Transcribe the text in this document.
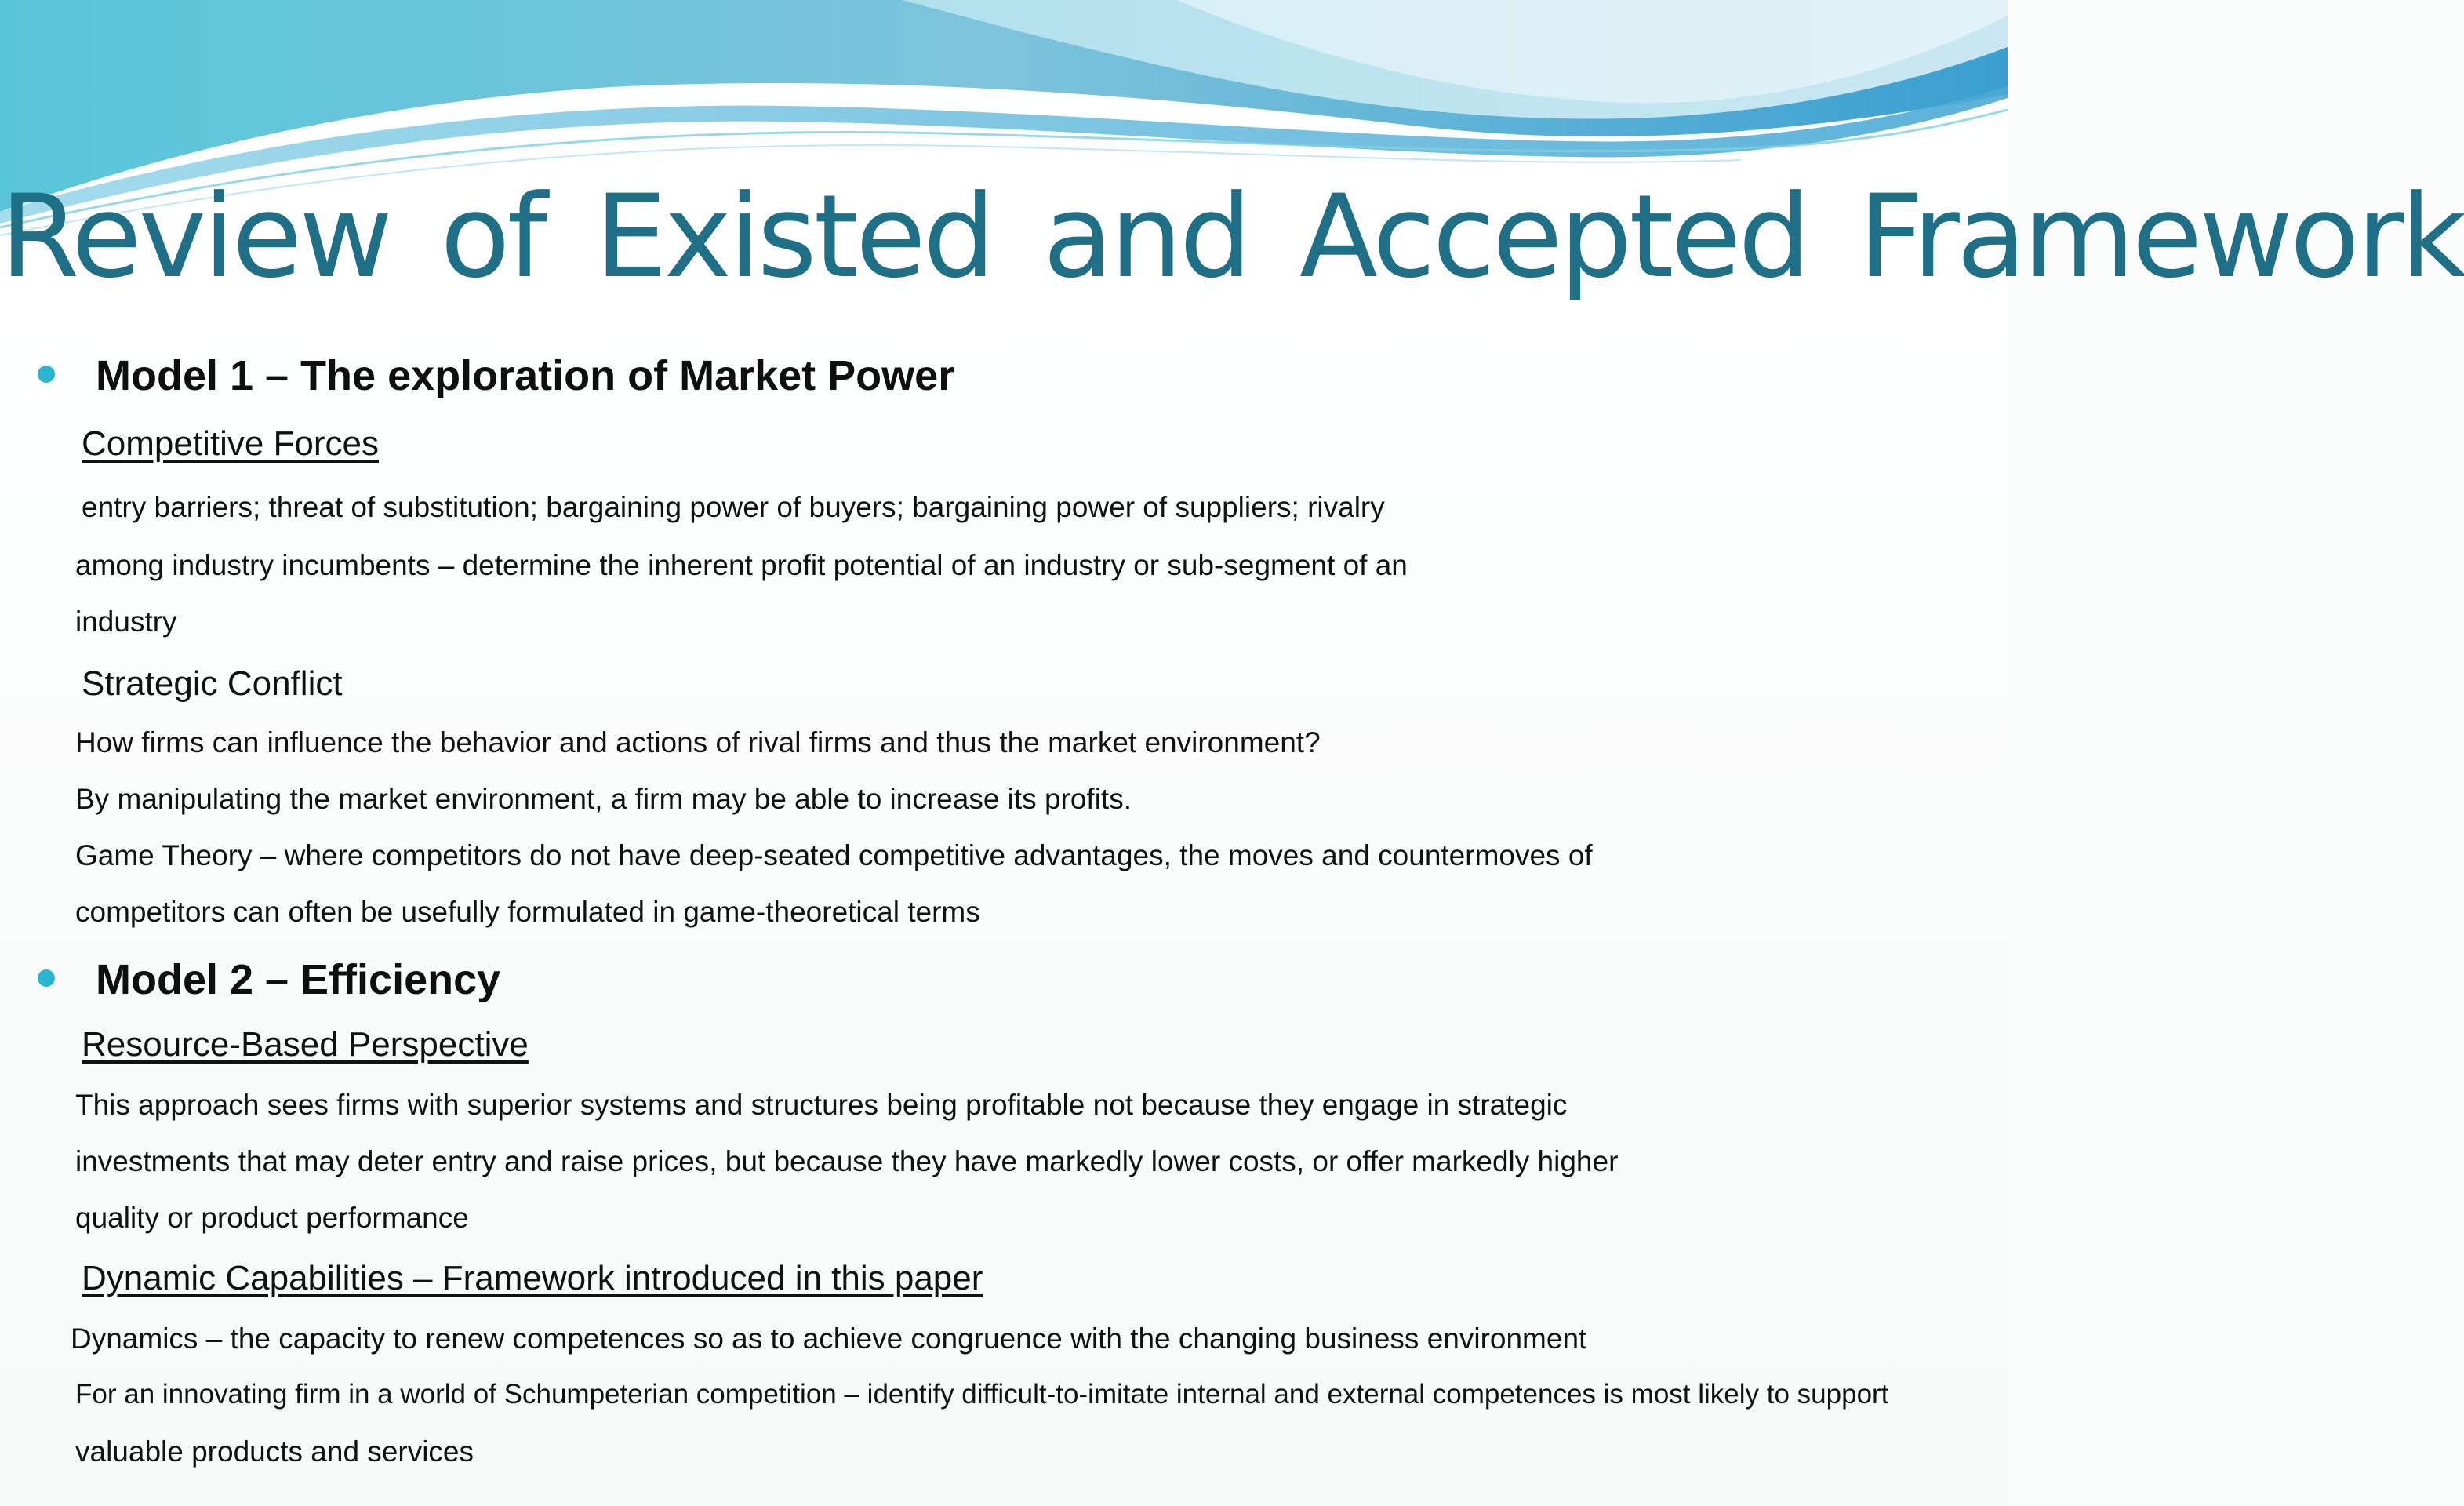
Review of Existed and Accepted Framework
Model 1 – The exploration of Market Power
Competitive Forces
entry barriers; threat of substitution; bargaining power of buyers; bargaining power of suppliers; rivalry
among industry incumbents – determine the inherent profit potential of an industry or sub-segment of an
industry
Strategic Conflict
How firms can influence the behavior and actions of rival firms and thus the market environment?
By manipulating the market environment, a firm may be able to increase its profits.
Game Theory – where competitors do not have deep-seated competitive advantages, the moves and countermoves of
competitors can often be usefully formulated in game-theoretical terms
Model 2 – Efficiency
Resource-Based Perspective
This approach sees firms with superior systems and structures being profitable not because they engage in strategic
investments that may deter entry and raise prices, but because they have markedly lower costs, or offer markedly higher
quality or product performance
Dynamic Capabilities – Framework introduced in this paper
Dynamics – the capacity to renew competences so as to achieve congruence with the changing business environment
For an innovating firm in a world of Schumpeterian competition – identify difficult-to-imitate internal and external competences is most likely to support
valuable products and services
